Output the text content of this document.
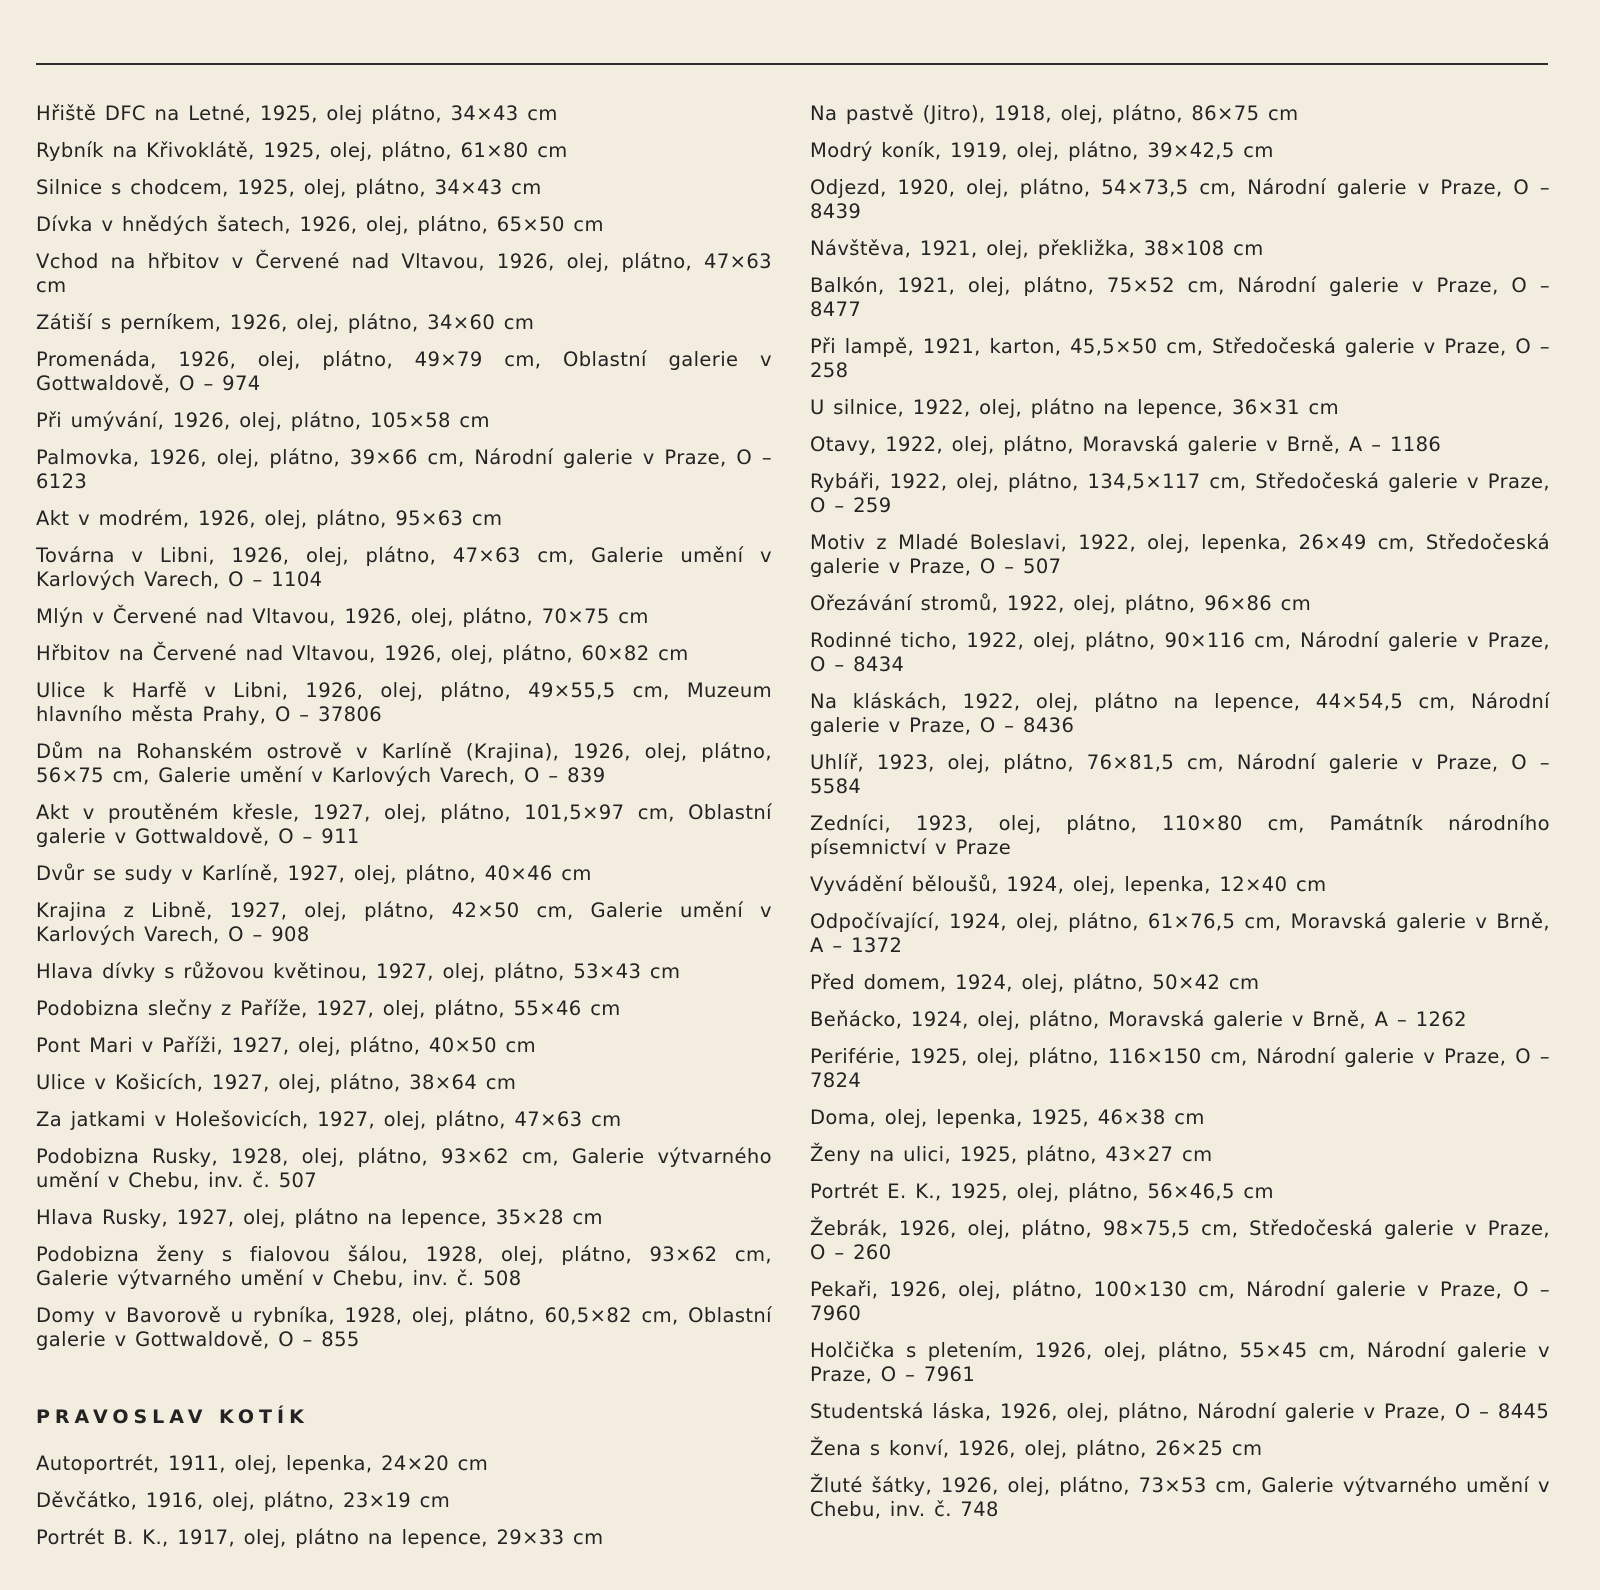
Hřiště DFC na Letné, 1925, olej plátno, 34×43 cm
Rybník na Křivoklátě, 1925, olej, plátno, 61×80 cm
Silnice s chodcem, 1925, olej, plátno, 34×43 cm
Dívka v hnědých šatech, 1926, olej, plátno, 65×50 cm
Vchod na hřbitov v Červené nad Vltavou, 1926, olej, plátno, 47×63 cm
Zátiší s perníkem, 1926, olej, plátno, 34×60 cm
Promenáda, 1926, olej, plátno, 49×79 cm, Oblastní galerie v Gottwaldově, O – 974
Při umývání, 1926, olej, plátno, 105×58 cm
Palmovka, 1926, olej, plátno, 39×66 cm, Národní galerie v Praze, O – 6123
Akt v modrém, 1926, olej, plátno, 95×63 cm
Továrna v Libni, 1926, olej, plátno, 47×63 cm, Galerie umění v Karlových Varech, O – 1104
Mlýn v Červené nad Vltavou, 1926, olej, plátno, 70×75 cm
Hřbitov na Červené nad Vltavou, 1926, olej, plátno, 60×82 cm
Ulice k Harfě v Libni, 1926, olej, plátno, 49×55,5 cm, Muzeum hlavního města Prahy, O – 37806
Dům na Rohanském ostrově v Karlíně (Krajina), 1926, olej, plátno, 56×75 cm, Galerie umění v Karlových Varech, O – 839
Akt v proutěném křesle, 1927, olej, plátno, 101,5×97 cm, Oblastní galerie v Gottwaldově, O – 911
Dvůr se sudy v Karlíně, 1927, olej, plátno, 40×46 cm
Krajina z Libně, 1927, olej, plátno, 42×50 cm, Galerie umění v Karlových Varech, O – 908
Hlava dívky s růžovou květinou, 1927, olej, plátno, 53×43 cm
Podobizna slečny z Paříže, 1927, olej, plátno, 55×46 cm
Pont Mari v Paříži, 1927, olej, plátno, 40×50 cm
Ulice v Košicích, 1927, olej, plátno, 38×64 cm
Za jatkami v Holešovicích, 1927, olej, plátno, 47×63 cm
Podobizna Rusky, 1928, olej, plátno, 93×62 cm, Galerie výtvarného umění v Chebu, inv. č. 507
Hlava Rusky, 1927, olej, plátno na lepence, 35×28 cm
Podobizna ženy s fialovou šálou, 1928, olej, plátno, 93×62 cm, Galerie výtvarného umění v Chebu, inv. č. 508
Domy v Bavorově u rybníka, 1928, olej, plátno, 60,5×82 cm, Oblastní galerie v Gottwaldově, O – 855
PRAVOSLAV KOTÍK
Autoportrét, 1911, olej, lepenka, 24×20 cm
Děvčátko, 1916, olej, plátno, 23×19 cm
Portrét B. K., 1917, olej, plátno na lepence, 29×33 cm
Na pastvě (Jitro), 1918, olej, plátno, 86×75 cm
Modrý koník, 1919, olej, plátno, 39×42,5 cm
Odjezd, 1920, olej, plátno, 54×73,5 cm, Národní galerie v Praze, O – 8439
Návštěva, 1921, olej, překližka, 38×108 cm
Balkón, 1921, olej, plátno, 75×52 cm, Národní galerie v Praze, O – 8477
Při lampě, 1921, karton, 45,5×50 cm, Středočeská galerie v Praze, O – 258
U silnice, 1922, olej, plátno na lepence, 36×31 cm
Otavy, 1922, olej, plátno, Moravská galerie v Brně, A – 1186
Rybáři, 1922, olej, plátno, 134,5×117 cm, Středočeská galerie v Praze, O – 259
Motiv z Mladé Boleslavi, 1922, olej, lepenka, 26×49 cm, Středočeská galerie v Praze, O – 507
Ořezávání stromů, 1922, olej, plátno, 96×86 cm
Rodinné ticho, 1922, olej, plátno, 90×116 cm, Národní galerie v Praze, O – 8434
Na kláskách, 1922, olej, plátno na lepence, 44×54,5 cm, Národní galerie v Praze, O – 8436
Uhlíř, 1923, olej, plátno, 76×81,5 cm, Národní galerie v Praze, O – 5584
Zedníci, 1923, olej, plátno, 110×80 cm, Památník národního písemnictví v Praze
Vyvádění běloušů, 1924, olej, lepenka, 12×40 cm
Odpočívající, 1924, olej, plátno, 61×76,5 cm, Moravská galerie v Brně, A – 1372
Před domem, 1924, olej, plátno, 50×42 cm
Beňácko, 1924, olej, plátno, Moravská galerie v Brně, A – 1262
Periférie, 1925, olej, plátno, 116×150 cm, Národní galerie v Praze, O – 7824
Doma, olej, lepenka, 1925, 46×38 cm
Ženy na ulici, 1925, plátno, 43×27 cm
Portrét E. K., 1925, olej, plátno, 56×46,5 cm
Žebrák, 1926, olej, plátno, 98×75,5 cm, Středočeská galerie v Praze, O – 260
Pekaři, 1926, olej, plátno, 100×130 cm, Národní galerie v Praze, O – 7960
Holčička s pletením, 1926, olej, plátno, 55×45 cm, Národní galerie v Praze, O – 7961
Studentská láska, 1926, olej, plátno, Národní galerie v Praze, O – 8445
Žena s konví, 1926, olej, plátno, 26×25 cm
Žluté šátky, 1926, olej, plátno, 73×53 cm, Galerie výtvarného umění v Chebu, inv. č. 748
